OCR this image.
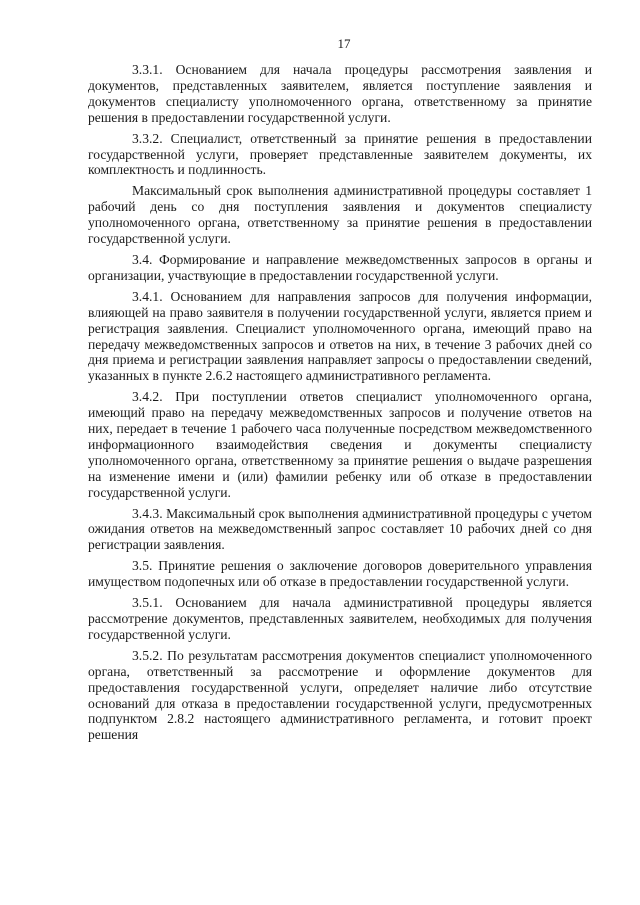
17

3.3.1. Основанием для начала процедуры рассмотрения заявления и документов, представленных заявителем, является поступление заявления и документов специалисту уполномоченного органа, ответственному за принятие решения в предоставлении государственной услуги.

3.3.2. Специалист, ответственный за принятие решения в предоставлении государственной услуги, проверяет представленные заявителем документы, их комплектность и подлинность.

Максимальный срок выполнения административной процедуры составляет 1 рабочий день со дня поступления заявления и документов специалисту уполномоченного органа, ответственному за принятие решения в предоставлении государственной услуги.

3.4. Формирование и направление межведомственных запросов в органы и организации, участвующие в предоставлении государственной услуги.

3.4.1. Основанием для направления запросов для получения информации, влияющей на право заявителя в получении государственной услуги, является прием и регистрация заявления. Специалист уполномоченного органа, имеющий право на передачу межведомственных запросов и ответов на них, в течение 3 рабочих дней со дня приема и регистрации заявления направляет запросы о предоставлении сведений, указанных в пункте 2.6.2 настоящего административного регламента.

3.4.2. При поступлении ответов специалист уполномоченного органа, имеющий право на передачу межведомственных запросов и получение ответов на них, передает в течение 1 рабочего часа полученные посредством межведомственного информационного взаимодействия сведения и документы специалисту уполномоченного органа, ответственному за принятие решения о выдаче разрешения на изменение имени и (или) фамилии ребенку или об отказе в предоставлении государственной услуги.

3.4.3. Максимальный срок выполнения административной процедуры с учетом ожидания ответов на межведомственный запрос составляет 10 рабочих дней со дня регистрации заявления.

3.5. Принятие решения о заключение договоров доверительного управления имуществом подопечных или об отказе в предоставлении государственной услуги.

3.5.1. Основанием для начала административной процедуры является рассмотрение документов, представленных заявителем, необходимых для получения государственной услуги.

3.5.2. По результатам рассмотрения документов специалист уполномоченного органа, ответственный за рассмотрение и оформление документов для предоставления государственной услуги, определяет наличие либо отсутствие оснований для отказа в предоставлении государственной услуги, предусмотренных подпунктом 2.8.2 настоящего административного регламента, и готовит проект решения
